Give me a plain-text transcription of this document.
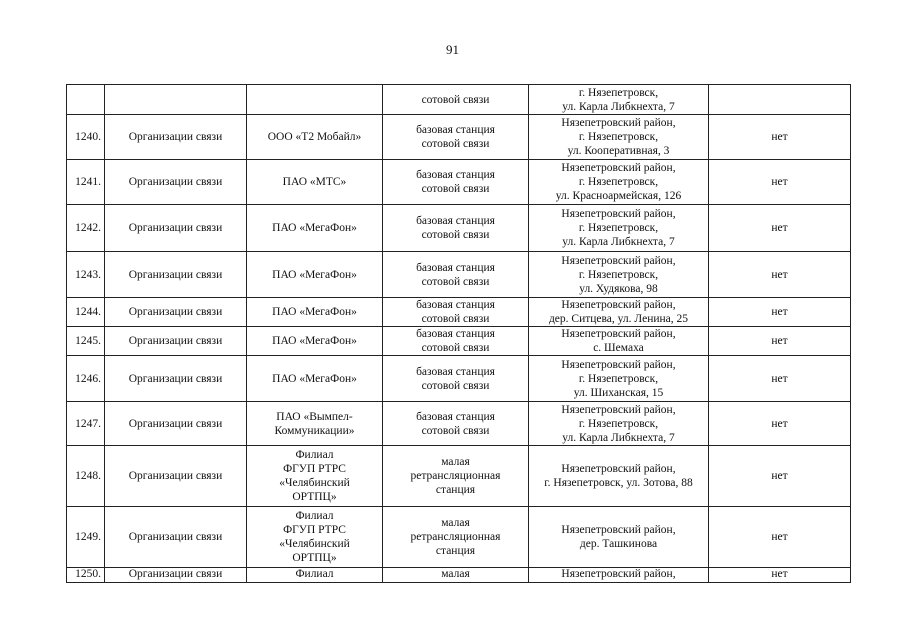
91
			сотовой связи	г. Нязепетровск,
ул. Карла Либкнехта, 7	
1240.	Организации связи	ООО «Т2 Мобайл»	базовая станция
сотовой связи	Нязепетровский район,
г. Нязепетровск,
ул. Кооперативная, 3	нет
1241.	Организации связи	ПАО «МТС»	базовая станция
сотовой связи	Нязепетровский район,
г. Нязепетровск,
ул. Красноармейская, 126	нет
1242.	Организации связи	ПАО «МегаФон»	базовая станция
сотовой связи	Нязепетровский район,
г. Нязепетровск,
ул. Карла Либкнехта, 7	нет
1243.	Организации связи	ПАО «МегаФон»	базовая станция
сотовой связи	Нязепетровский район,
г. Нязепетровск,
ул. Худякова, 98	нет
1244.	Организации связи	ПАО «МегаФон»	базовая станция
сотовой связи	Нязепетровский район,
дер. Ситцева, ул. Ленина, 25	нет
1245.	Организации связи	ПАО «МегаФон»	базовая станция
сотовой связи	Нязепетровский район,
с. Шемаха	нет
1246.	Организации связи	ПАО «МегаФон»	базовая станция
сотовой связи	Нязепетровский район,
г. Нязепетровск,
ул. Шиханская, 15	нет
1247.	Организации связи	ПАО «Вымпел-
Коммуникации»	базовая станция
сотовой связи	Нязепетровский район,
г. Нязепетровск,
ул. Карла Либкнехта, 7	нет
1248.	Организации связи	Филиал
ФГУП РТРС
«Челябинский
ОРТПЦ»	малая
ретрансляционная
станция	Нязепетровский район,
г. Нязепетровск, ул. Зотова, 88	нет
1249.	Организации связи	Филиал
ФГУП РТРС
«Челябинский
ОРТПЦ»	малая
ретрансляционная
станция	Нязепетровский район,
дер. Ташкинова	нет
1250.	Организации связи	Филиал	малая	Нязепетровский район,	нет
